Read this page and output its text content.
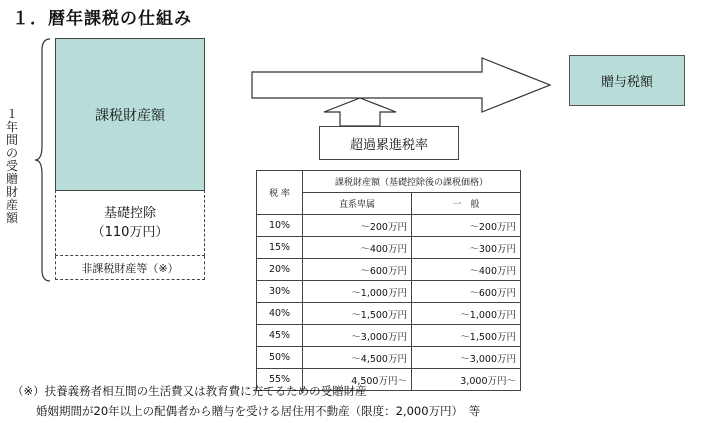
１．暦年課税の仕組み
１
年
間
の
受
贈
財
産
額
課税財産額
基礎控除
（110万円）
非課税財産等（※）
贈与税額
超過累進税率
税 率	課税財産額（基礎控除後の課税価格）	
	直系卑属	一　般
10%	～200万円	～200万円
15%	～400万円	～300万円
20%	～600万円	～400万円
30%	～1,000万円	～600万円
40%	～1,500万円	～1,000万円
45%	～3,000万円	～1,500万円
50%	～4,500万円	～3,000万円
55%	4,500万円～	3,000万円～
（※）扶養義務者相互間の生活費又は教育費に充てるための受贈財産
婚姻期間が20年以上の配偶者から贈与を受ける居住用不動産（限度：2,000万円）　等
